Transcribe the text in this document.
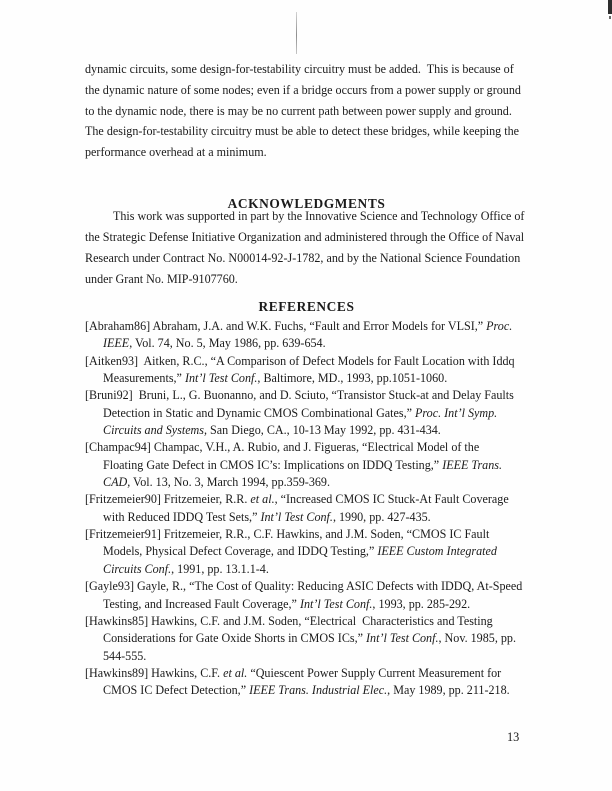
dynamic circuits, some design-for-testability circuitry must be added.  This is because of
the dynamic nature of some nodes; even if a bridge occurs from a power supply or ground
to the dynamic node, there is may be no current path between power supply and ground.
The design-for-testability circuitry must be able to detect these bridges, while keeping the
performance overhead at a minimum.
ACKNOWLEDGMENTS
This work was supported in part by the Innovative Science and Technology Office of
the Strategic Defense Initiative Organization and administered through the Office of Naval
Research under Contract No. N00014-92-J-1782, and by the National Science Foundation
under Grant No. MIP-9107760.
REFERENCES
[Abraham86] Abraham, J.A. and W.K. Fuchs, “Fault and Error Models for VLSI,” Proc.
IEEE, Vol. 74, No. 5, May 1986, pp. 639-654.
[Aitken93]  Aitken, R.C., “A Comparison of Defect Models for Fault Location with Iddq
Measurements,” Int’l Test Conf., Baltimore, MD., 1993, pp.1051-1060.
[Bruni92]  Bruni, L., G. Buonanno, and D. Sciuto, “Transistor Stuck-at and Delay Faults
Detection in Static and Dynamic CMOS Combinational Gates,” Proc. Int’l Symp.
Circuits and Systems, San Diego, CA., 10-13 May 1992, pp. 431-434.
[Champac94] Champac, V.H., A. Rubio, and J. Figueras, “Electrical Model of the
Floating Gate Defect in CMOS IC’s: Implications on IDDQ Testing,” IEEE Trans.
CAD, Vol. 13, No. 3, March 1994, pp.359-369.
[Fritzemeier90] Fritzemeier, R.R. et al., “Increased CMOS IC Stuck-At Fault Coverage
with Reduced IDDQ Test Sets,” Int’l Test Conf., 1990, pp. 427-435.
[Fritzemeier91] Fritzemeier, R.R., C.F. Hawkins, and J.M. Soden, “CMOS IC Fault
Models, Physical Defect Coverage, and IDDQ Testing,” IEEE Custom Integrated
Circuits Conf., 1991, pp. 13.1.1-4.
[Gayle93] Gayle, R., “The Cost of Quality: Reducing ASIC Defects with IDDQ, At-Speed
Testing, and Increased Fault Coverage,” Int’l Test Conf., 1993, pp. 285-292.
[Hawkins85] Hawkins, C.F. and J.M. Soden, “Electrical  Characteristics and Testing
Considerations for Gate Oxide Shorts in CMOS ICs,” Int’l Test Conf., Nov. 1985, pp.
544-555.
[Hawkins89] Hawkins, C.F. et al. “Quiescent Power Supply Current Measurement for
CMOS IC Defect Detection,” IEEE Trans. Industrial Elec., May 1989, pp. 211-218.
13
